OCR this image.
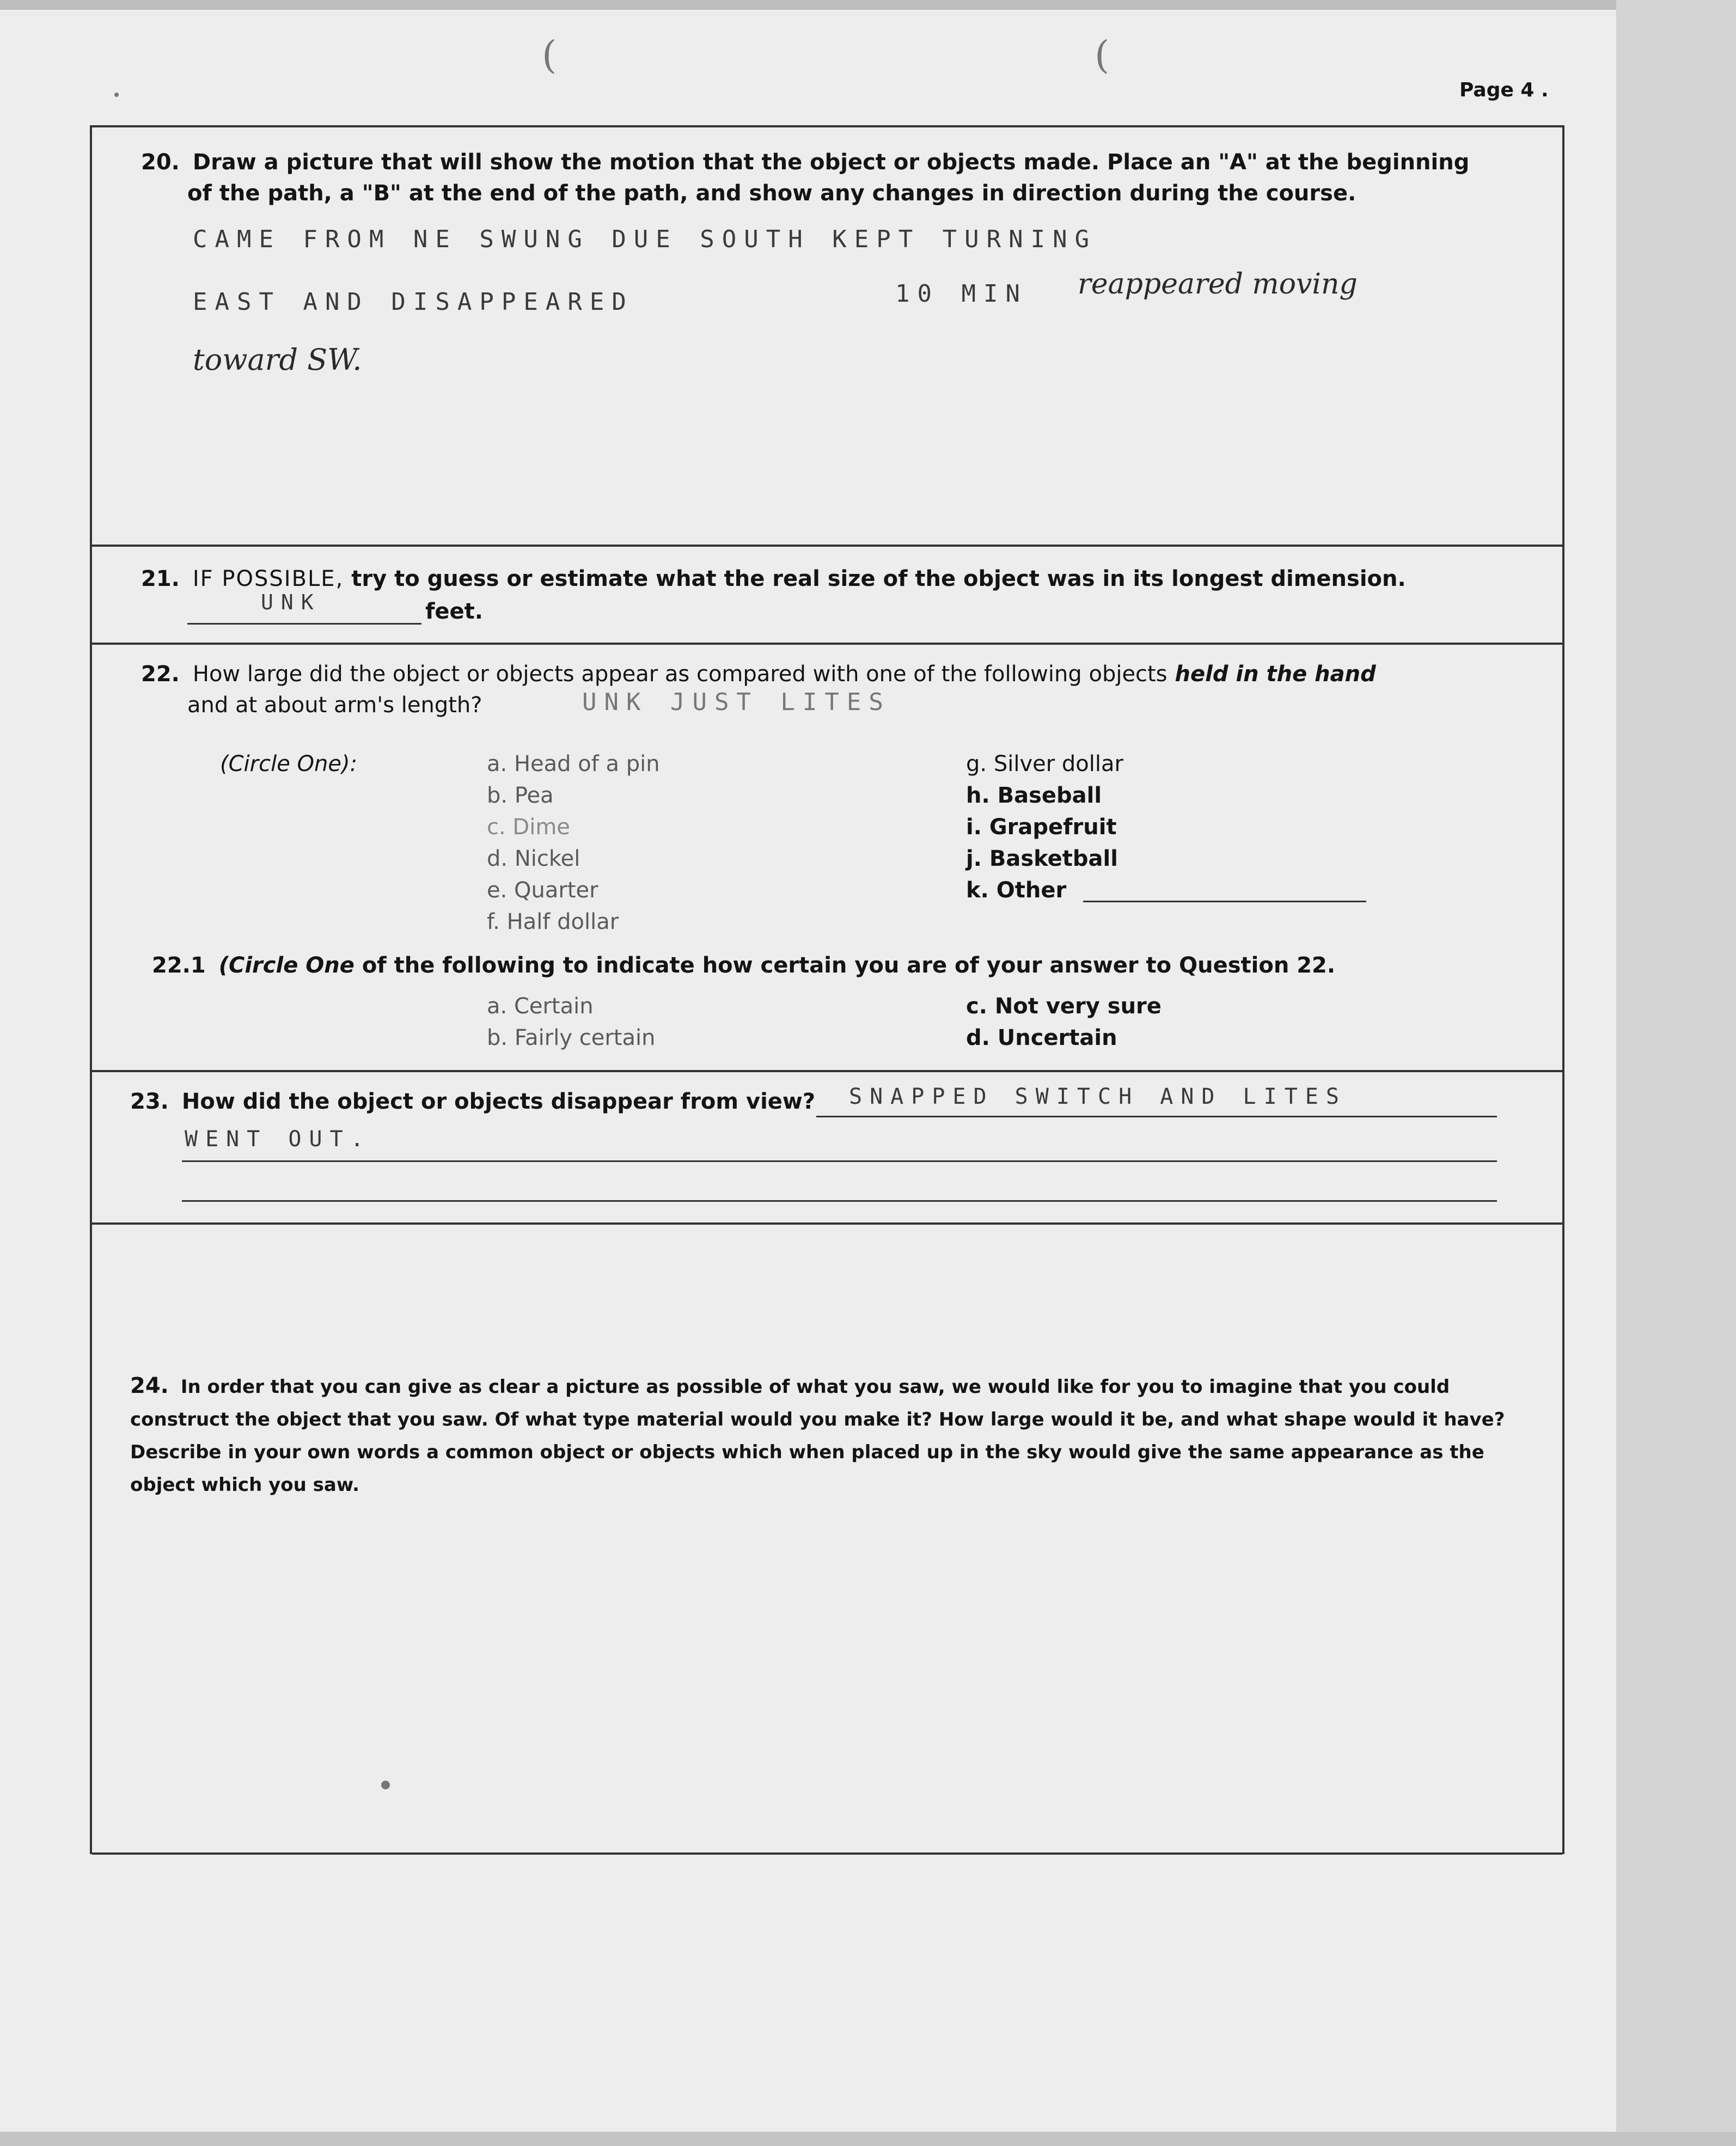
(	(
Page 4 .
20. Draw a picture that will show the motion that the object or objects made. Place an "A" at the beginning
of the path, a "B" at the end of the path, and show any changes in direction during the course.
CAME FROM NE SWUNG DUE SOUTH KEPT TURNING
EAST AND DISAPPEARED	10 MIN reappeared moving
toward SW.
21. IF POSSIBLE, try to guess or estimate what the real size of the object was in its longest dimension.
UNK	feet.
22. How large did the object or objects appear as compared with one of the following objects held in the hand
and at about arm's length?	UNK JUST LITES
(Circle One):	a. Head of a pin
b. Pea
c. Dime
d. Nickel
e. Quarter
f. Half dollar
g. Silver dollar
h. Baseball
i. Grapefruit
j. Basketball
k. Other
22.1 (Circle One of the following to indicate how certain you are of your answer to Question 22.
a. Certain
b. Fairly certain
c. Not very sure
d. Uncertain
23. How did the object or objects disappear from view? SNAPPED SWITCH AND LITES
WENT OUT.
24. In order that you can give as clear a picture as possible of what you saw, we would like for you to imagine that you could construct the object that you saw. Of what type material would you make it? How large would it be, and what shape would it have? Describe in your own words a common object or objects which when placed up in the sky would give the same appearance as the object which you saw.
